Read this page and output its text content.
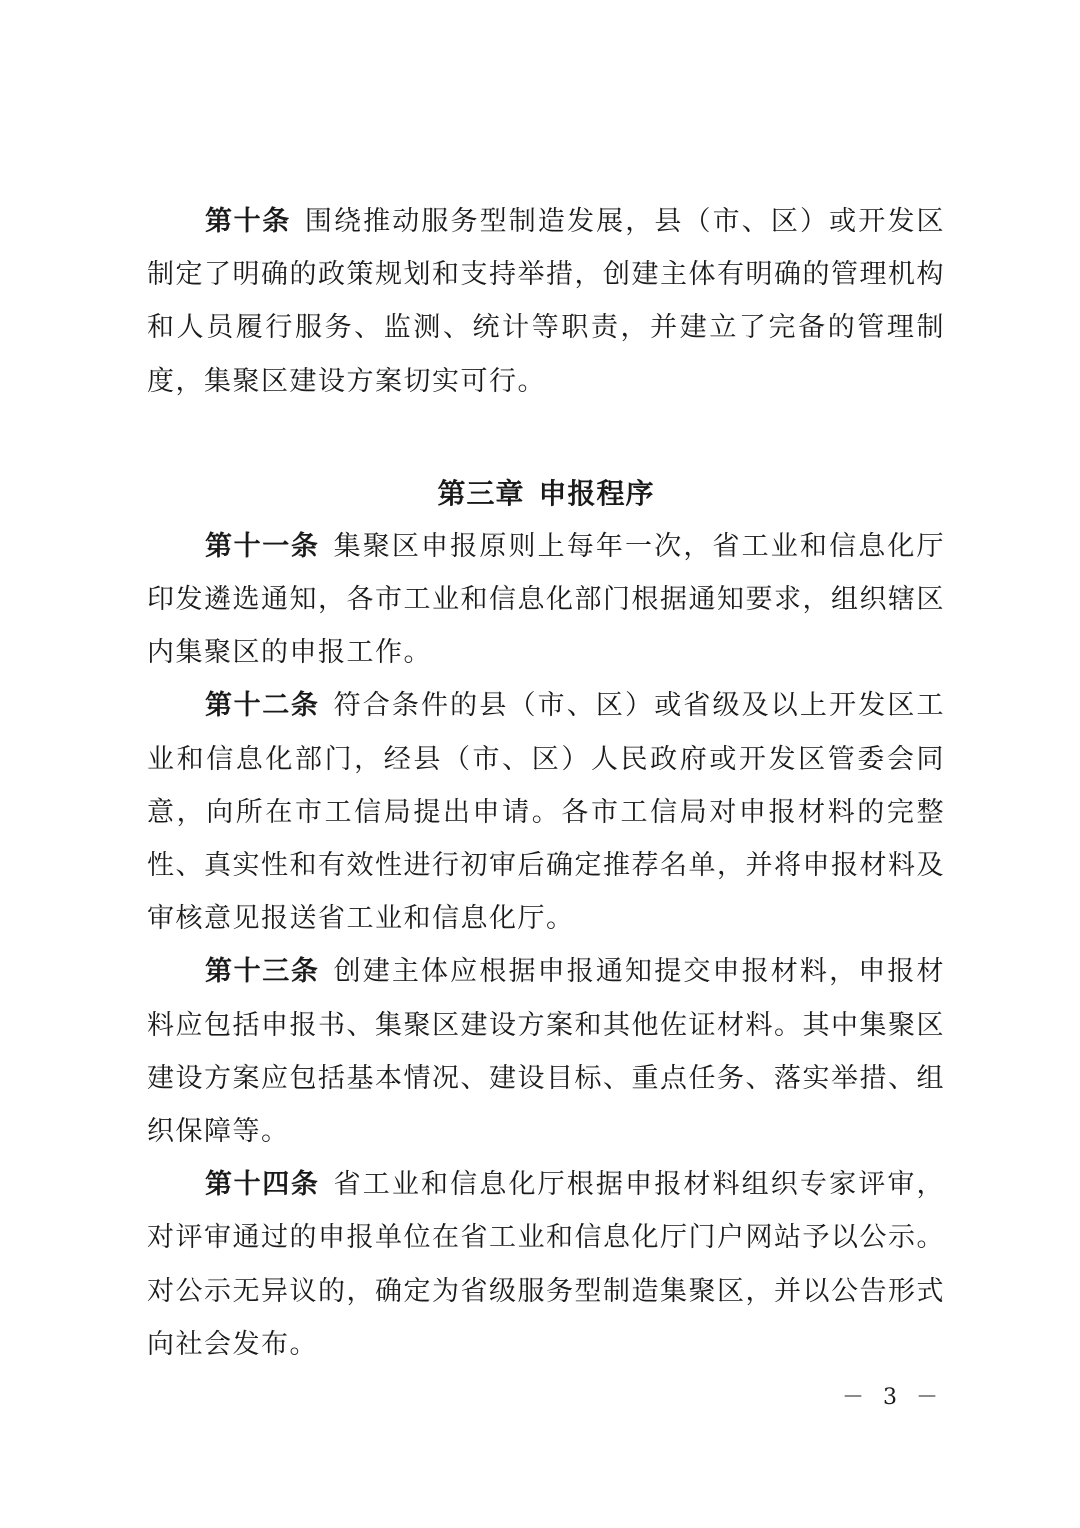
第十条 围绕推动服务型制造发展，县（市、区）或开发区制定了明确的政策规划和支持举措，创建主体有明确的管理机构和人员履行服务、监测、统计等职责，并建立了完备的管理制度，集聚区建设方案切实可行。

第三章 申报程序

第十一条 集聚区申报原则上每年一次，省工业和信息化厅印发遴选通知，各市工业和信息化部门根据通知要求，组织辖区内集聚区的申报工作。

第十二条 符合条件的县（市、区）或省级及以上开发区工业和信息化部门，经县（市、区）人民政府或开发区管委会同意，向所在市工信局提出申请。各市工信局对申报材料的完整性、真实性和有效性进行初审后确定推荐名单，并将申报材料及审核意见报送省工业和信息化厅。

第十三条 创建主体应根据申报通知提交申报材料，申报材料应包括申报书、集聚区建设方案和其他佐证材料。其中集聚区建设方案应包括基本情况、建设目标、重点任务、落实举措、组织保障等。

第十四条 省工业和信息化厅根据申报材料组织专家评审，对评审通过的申报单位在省工业和信息化厅门户网站予以公示。对公示无异议的，确定为省级服务型制造集聚区，并以公告形式向社会发布。

－ 3 －
